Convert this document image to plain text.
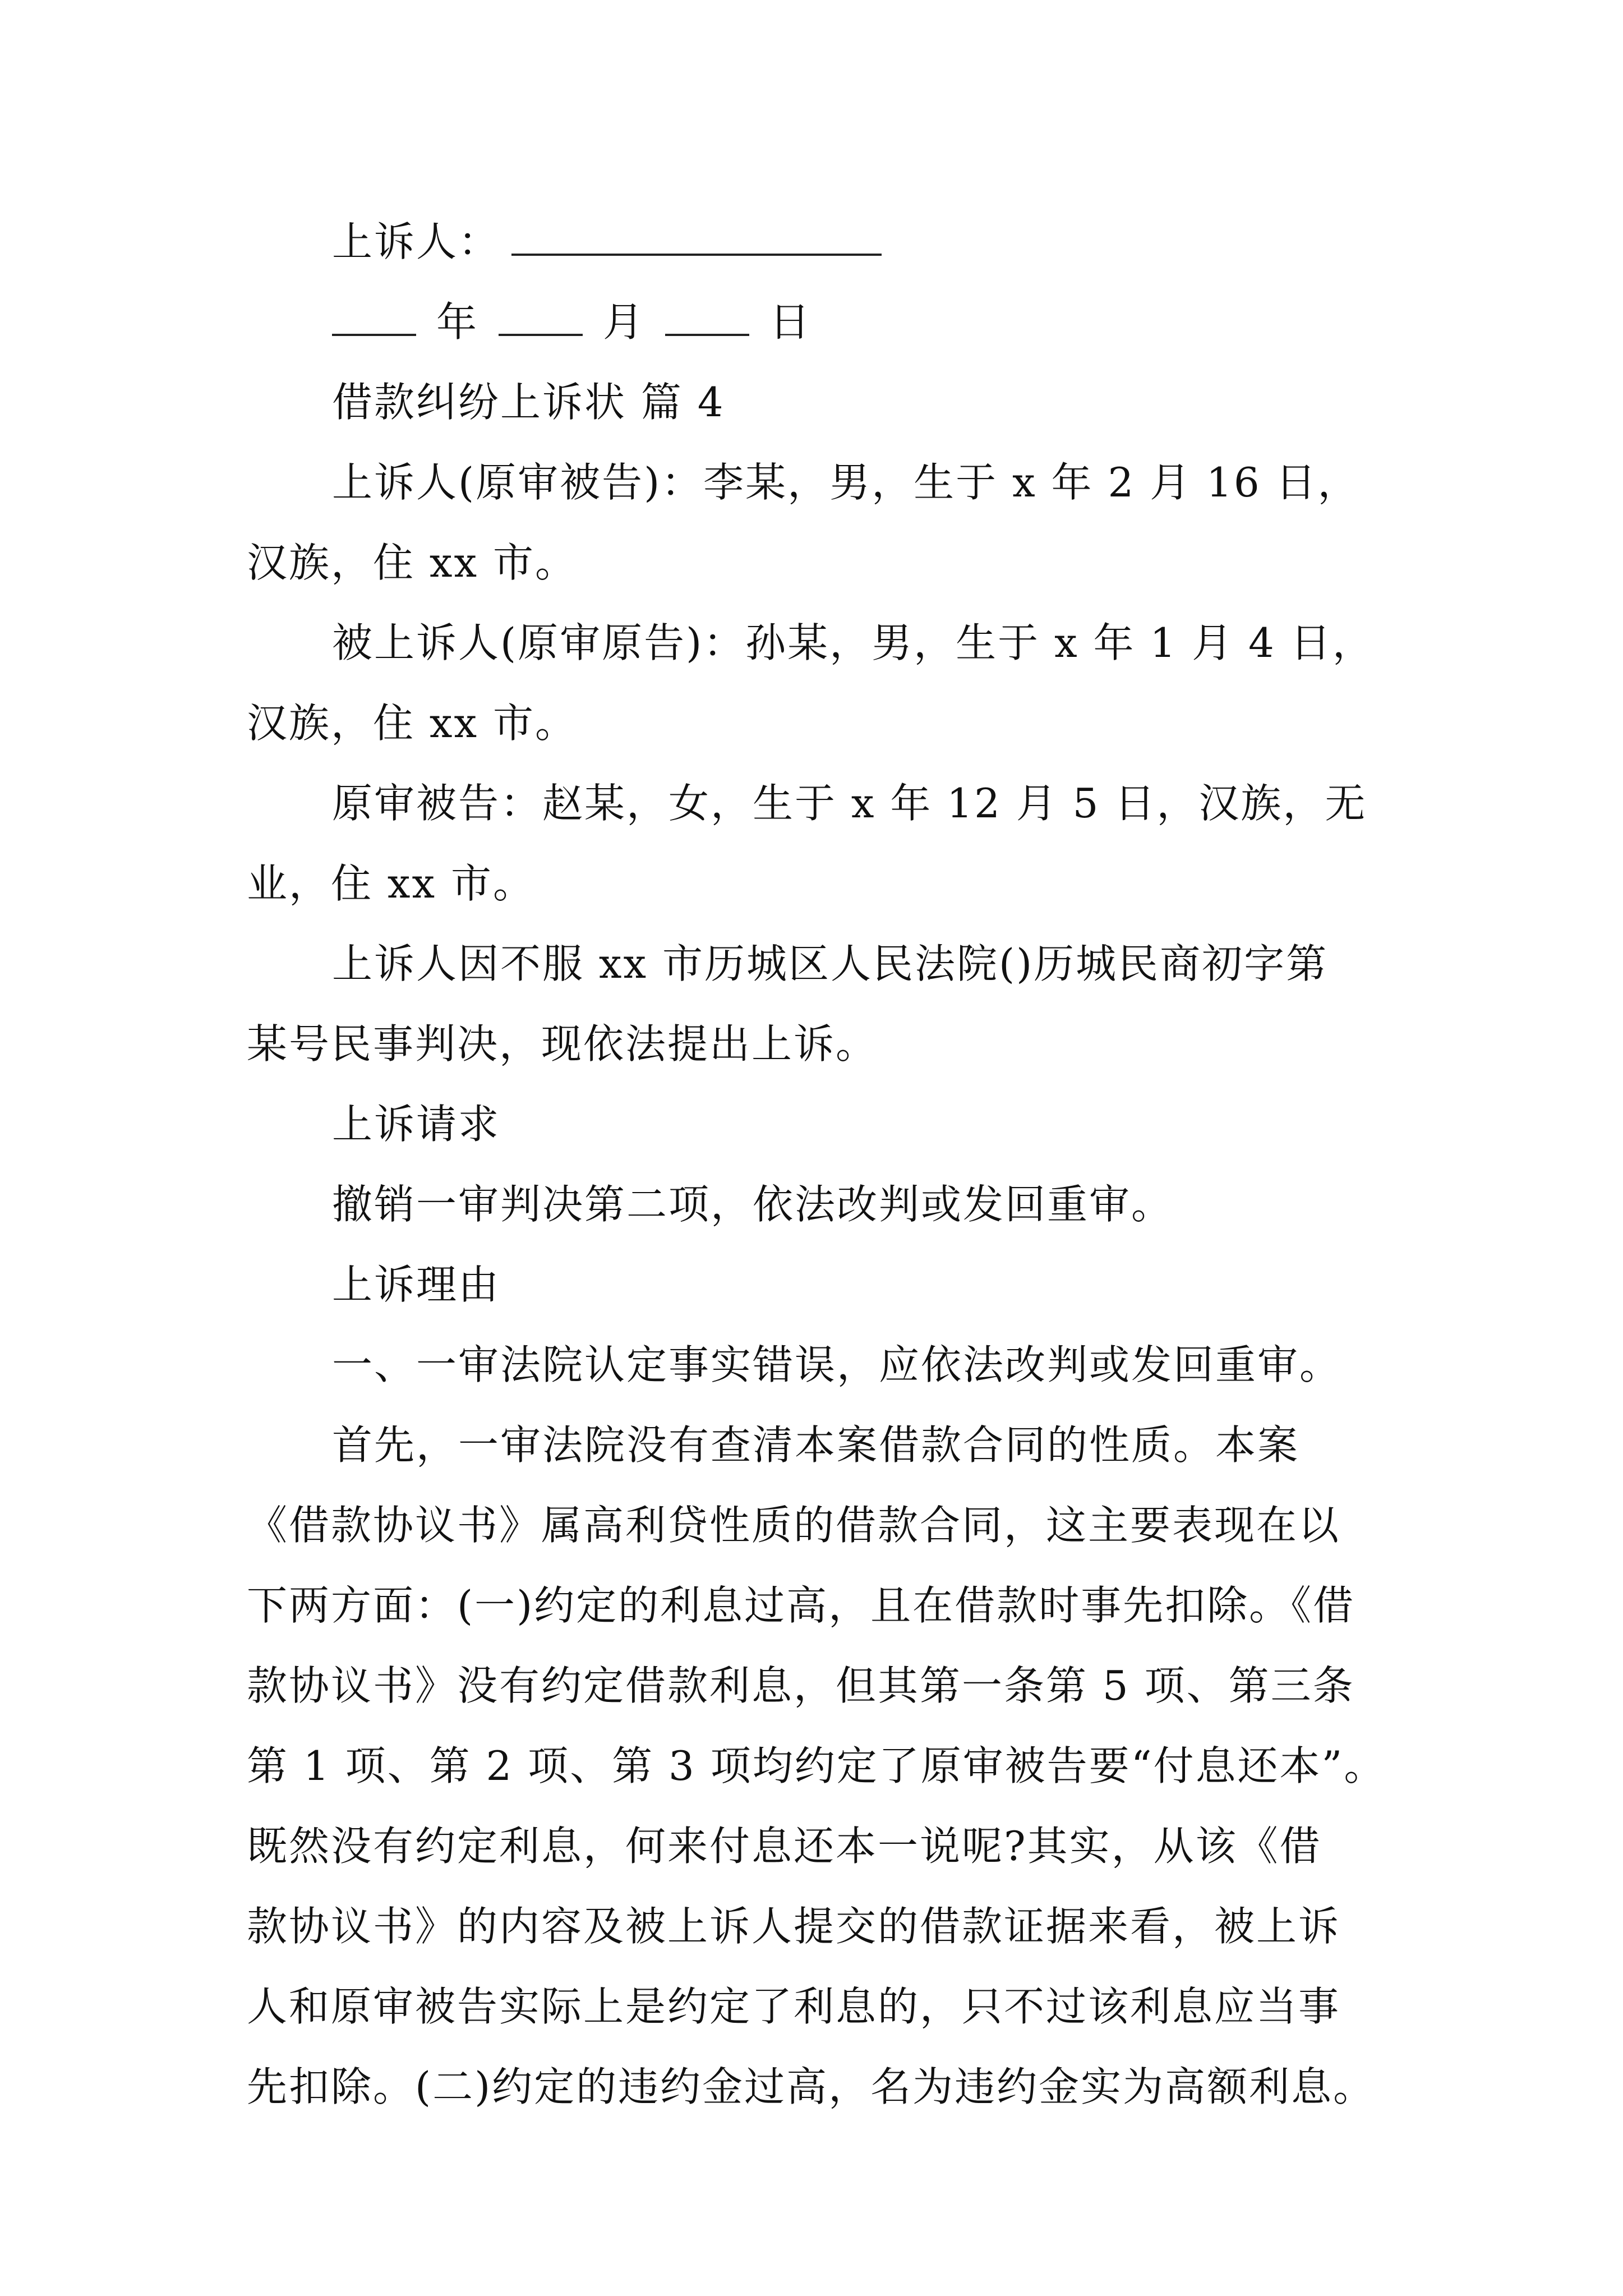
上诉人：
年	月	日
借款纠纷上诉状 篇 4
上诉人(原审被告)：李某，男，生于 x 年 2 月 16 日，
汉族，住 xx 市。
被上诉人(原审原告)：孙某，男，生于 x 年 1 月 4 日，
汉族，住 xx 市。
原审被告：赵某，女，生于 x 年 12 月 5 日，汉族，无
业，住 xx 市。
上诉人因不服 xx 市历城区人民法院()历城民商初字第
某号民事判决，现依法提出上诉。
上诉请求
撤销一审判决第二项，依法改判或发回重审。
上诉理由
一、一审法院认定事实错误，应依法改判或发回重审。
首先，一审法院没有查清本案借款合同的性质。本案
《借款协议书》属高利贷性质的借款合同，这主要表现在以
下两方面：(一)约定的利息过高，且在借款时事先扣除。《借
款协议书》没有约定借款利息，但其第一条第 5 项、第三条
第 1 项、第 2 项、第 3 项均约定了原审被告要“付息还本”。
既然没有约定利息，何来付息还本一说呢?其实，从该《借
款协议书》的内容及被上诉人提交的借款证据来看，被上诉
人和原审被告实际上是约定了利息的，只不过该利息应当事
先扣除。(二)约定的违约金过高，名为违约金实为高额利息。
